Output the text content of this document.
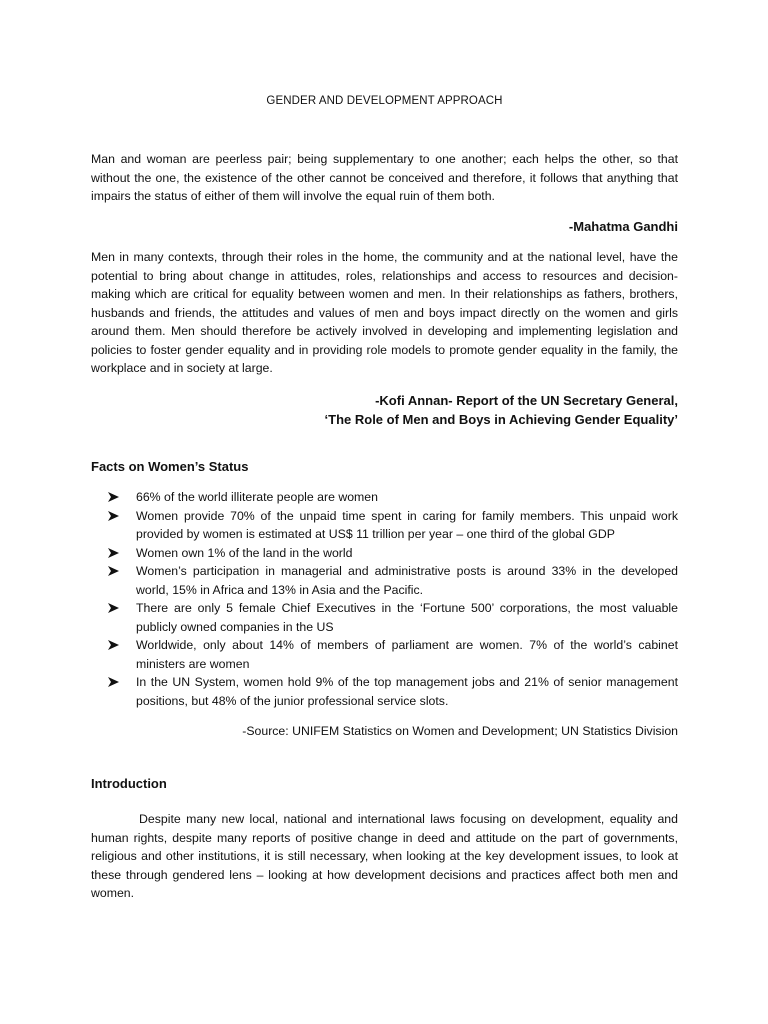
GENDER AND DEVELOPMENT APPROACH

Man and woman are peerless pair; being supplementary to one another; each helps the other, so that without the one, the existence of the other cannot be conceived and therefore, it follows that anything that impairs the status of either of them will involve the equal ruin of them both.

-Mahatma Gandhi

Men in many contexts, through their roles in the home, the community and at the national level, have the potential to bring about change in attitudes, roles, relationships and access to resources and decision-making which are critical for equality between women and men. In their relationships as fathers, brothers, husbands and friends, the attitudes and values of men and boys impact directly on the women and girls around them. Men should therefore be actively involved in developing and implementing legislation and policies to foster gender equality and in providing role models to promote gender equality in the family, the workplace and in society at large.

-Kofi Annan- Report of the UN Secretary General,

‘The Role of Men and Boys in Achieving Gender Equality’

Facts on Women’s Status

66% of the world illiterate people are women
Women provide 70% of the unpaid time spent in caring for family members. This unpaid work provided by women is estimated at US$ 11 trillion per year – one third of the global GDP
Women own 1% of the land in the world
Women’s participation in managerial and administrative posts is around 33% in the developed world, 15% in Africa and 13% in Asia and the Pacific.
There are only 5 female Chief Executives in the ‘Fortune 500’ corporations, the most valuable publicly owned companies in the US
Worldwide, only about 14% of members of parliament are women. 7% of the world’s cabinet ministers are women
In the UN System, women hold 9% of the top management jobs and 21% of senior management positions, but 48% of the junior professional service slots.

-Source: UNIFEM Statistics on Women and Development; UN Statistics Division

Introduction

Despite many new local, national and international laws focusing on development, equality and human rights, despite many reports of positive change in deed and attitude on the part of governments, religious and other institutions, it is still necessary, when looking at the key development issues, to look at these through gendered lens – looking at how development decisions and practices affect both men and women.
